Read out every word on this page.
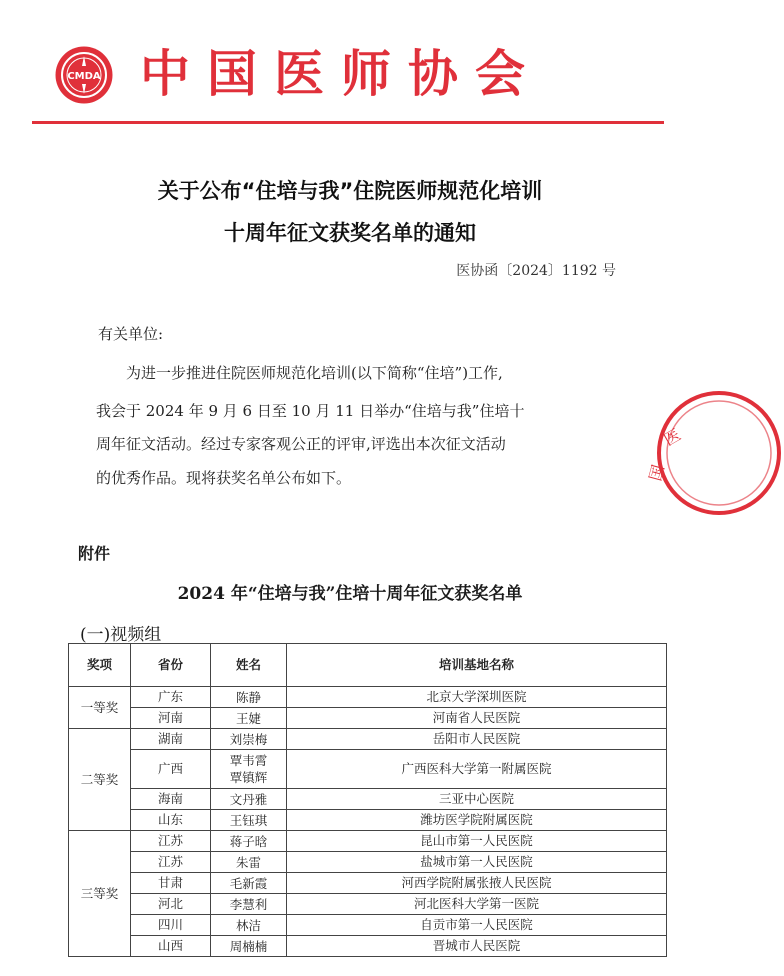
CMDA 中国医师协会
关于公布“住培与我”住院医师规范化培训
十周年征文获奖名单的通知
医协函〔2024〕1192 号
有关单位:
为进一步推进住院医师规范化培训(以下简称“住培”)工作,
我会于 2024 年 9 月 6 日至 10 月 11 日举办“住培与我”住培十
周年征文活动。经过专家客观公正的评审,评选出本次征文活动
的优秀作品。现将获奖名单公布如下。
医
国
附件
2024 年“住培与我”住培十周年征文获奖名单
(一)视频组
奖项	省份	姓名	培训基地名称
一等奖	广东	陈静	北京大学深圳医院
	河南	王婕	河南省人民医院
二等奖	湖南	刘崇梅	岳阳市人民医院
	广西	覃韦霄
覃镇辉	广西医科大学第一附属医院
	海南	文丹雅	三亚中心医院
	山东	王钰琪	潍坊医学院附属医院
三等奖	江苏	蒋子晗	昆山市第一人民医院
	江苏	朱雷	盐城市第一人民医院
	甘肃	毛新霞	河西学院附属张掖人民医院
	河北	李慧利	河北医科大学第一医院
	四川	林洁	自贡市第一人民医院
	山西	周楠楠	晋城市人民医院
